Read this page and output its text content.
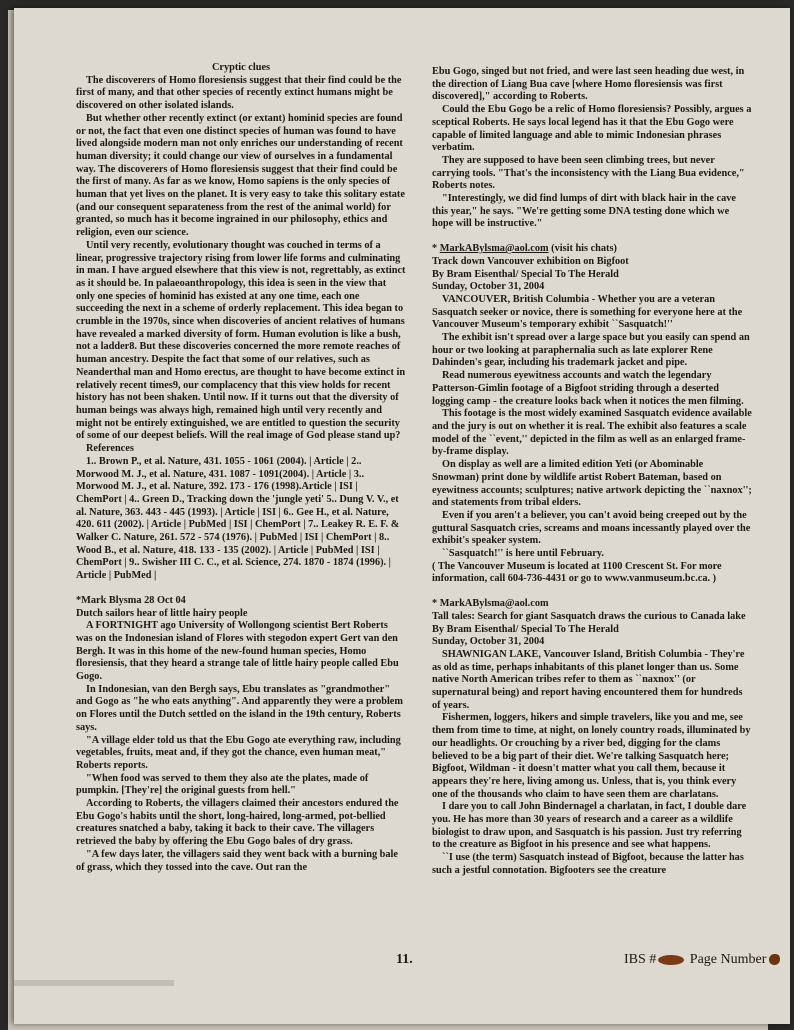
Cryptic clues

The discoverers of Homo floresiensis suggest that their find could be the first of many, and that other species of recently extinct humans might be discovered on other isolated islands.

But whether other recently extinct (or extant) hominid species are found or not, the fact that even one distinct species of human was found to have lived alongside modern man not only enriches our understanding of recent human diversity; it could change our view of ourselves in a fundamental way. The discoverers of Homo floresiensis suggest that their find could be the first of many. As far as we know, Homo sapiens is the only species of human that yet lives on the planet. It is very easy to take this solitary estate (and our consequent separateness from the rest of the animal world) for granted, so much has it become ingrained in our philosophy, ethics and religion, even our science.

Until very recently, evolutionary thought was couched in terms of a linear, progressive trajectory rising from lower life forms and culminating in man. I have argued elsewhere that this view is not, regrettably, as extinct as it should be. In palaeoanthropology, this idea is seen in the view that only one species of hominid has existed at any one time, each one succeeding the next in a scheme of orderly replacement. This idea began to crumble in the 1970s, since when discoveries of ancient relatives of humans have revealed a marked diversity of form. Human evolution is like a bush, not a ladder8. But these discoveries concerned the more remote reaches of human ancestry. Despite the fact that some of our relatives, such as Neanderthal man and Homo erectus, are thought to have become extinct in relatively recent times9, our complacency that this view holds for recent history has not been shaken. Until now. If it turns out that the diversity of human beings was always high, remained high until very recently and might not be entirely extinguished, we are entitled to question the security of some of our deepest beliefs. Will the real image of God please stand up?

References

1.. Brown P., et al. Nature, 431. 1055 - 1061 (2004). | Article | 2.. Morwood M. J., et al. Nature, 431. 1087 - 1091(2004). | Article | 3.. Morwood M. J., et al. Nature, 392. 173 - 176 (1998).Article | ISI | ChemPort | 4.. Green D., Tracking down the 'jungle yeti' 5.. Dung V. V., et al. Nature, 363. 443 - 445 (1993). | Article | ISI | 6.. Gee H., et al. Nature, 420. 611 (2002). | Article | PubMed | ISI | ChemPort | 7.. Leakey R. E. F. & Walker C. Nature, 261. 572 - 574 (1976). | PubMed | ISI | ChemPort | 8.. Wood B., et al. Nature, 418. 133 - 135 (2002). | Article | PubMed | ISI | ChemPort | 9.. Swisher III C. C., et al. Science, 274. 1870 - 1874 (1996). | Article | PubMed |

*Mark Blysma 28 Oct 04

Dutch sailors hear of little hairy people

A FORTNIGHT ago University of Wollongong scientist Bert Roberts was on the Indonesian island of Flores with stegodon expert Gert van den Bergh. It was in this home of the new-found human species, Homo floresiensis, that they heard a strange tale of little hairy people called Ebu Gogo.

In Indonesian, van den Bergh says, Ebu translates as "grandmother" and Gogo as "he who eats anything". And apparently they were a problem on Flores until the Dutch settled on the island in the 19th century, Roberts says.

"A village elder told us that the Ebu Gogo ate everything raw, including vegetables, fruits, meat and, if they got the chance, even human meat," Roberts reports.

"When food was served to them they also ate the plates, made of pumpkin. [They're] the original guests from hell."

According to Roberts, the villagers claimed their ancestors endured the Ebu Gogo's habits until the short, long-haired, long-armed, pot-bellied creatures snatched a baby, taking it back to their cave. The villagers retrieved the baby by offering the Ebu Gogo bales of dry grass.

"A few days later, the villagers said they went back with a burning bale of grass, which they tossed into the cave. Out ran the

Ebu Gogo, singed but not fried, and were last seen heading due west, in the direction of Liang Bua cave [where Homo floresiensis was first discovered]," according to Roberts.

Could the Ebu Gogo be a relic of Homo floresiensis? Possibly, argues a sceptical Roberts. He says local legend has it that the Ebu Gogo were capable of limited language and able to mimic Indonesian phrases verbatim.

They are supposed to have been seen climbing trees, but never carrying tools. "That's the inconsistency with the Liang Bua evidence," Roberts notes.

"Interestingly, we did find lumps of dirt with black hair in the cave this year," he says. "We're getting some DNA testing done which we hope will be instructive."

* MarkABylsma@aol.com (visit his chats)

Track down Vancouver exhibition on Bigfoot

By Bram Eisenthal/ Special To The Herald

Sunday, October 31, 2004

VANCOUVER, British Columbia - Whether you are a veteran Sasquatch seeker or novice, there is something for everyone here at the Vancouver Museum's temporary exhibit ``Sasquatch!''

The exhibit isn't spread over a large space but you easily can spend an hour or two looking at paraphernalia such as late explorer Rene Dahinden's gear, including his trademark jacket and pipe.

Read numerous eyewitness accounts and watch the legendary Patterson-Gimlin footage of a Bigfoot striding through a deserted logging camp - the creature looks back when it notices the men filming.

This footage is the most widely examined Sasquatch evidence available and the jury is out on whether it is real. The exhibit also features a scale model of the ``event,'' depicted in the film as well as an enlarged frame-by-frame display.

On display as well are a limited edition Yeti (or Abominable Snowman) print done by wildlife artist Robert Bateman, based on eyewitness accounts; sculptures; native artwork depicting the ``naxnox''; and statements from tribal elders.

Even if you aren't a believer, you can't avoid being creeped out by the guttural Sasquatch cries, screams and moans incessantly played over the exhibit's speaker system.

``Sasquatch!'' is here until February.

( The Vancouver Museum is located at 1100 Crescent St. For more information, call 604-736-4431 or go to www.vanmuseum.bc.ca. )

* MarkABylsma@aol.com

Tall tales: Search for giant Sasquatch draws the curious to Canada lake

By Bram Eisenthal/ Special To The Herald

Sunday, October 31, 2004

SHAWNIGAN LAKE, Vancouver Island, British Columbia - They're as old as time, perhaps inhabitants of this planet longer than us. Some native North American tribes refer to them as ``naxnox'' (or supernatural being) and report having encountered them for hundreds of years.

Fishermen, loggers, hikers and simple travelers, like you and me, see them from time to time, at night, on lonely country roads, illuminated by our headlights. Or crouching by a river bed, digging for the clams believed to be a big part of their diet. We're talking Sasquatch here; Bigfoot, Wildman - it doesn't matter what you call them, because it appears they're here, living among us. Unless, that is, you think every one of the thousands who claim to have seen them are charlatans.

I dare you to call John Bindernagel a charlatan, in fact, I double dare you. He has more than 30 years of research and a career as a wildlife biologist to draw upon, and Sasquatch is his passion. Just try referring to the creature as Bigfoot in his presence and see what happens.

``I use (the term) Sasquatch instead of Bigfoot, because the latter has such a jestful connotation. Bigfooters see the creature

11.	IBS # Page Number
